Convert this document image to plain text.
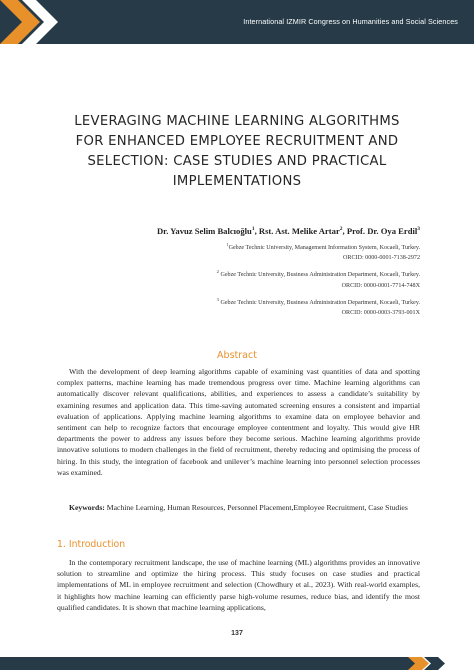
International IZMIR Congress on Humanities and Social Sciences
LEVERAGING MACHINE LEARNING ALGORITHMS
FOR ENHANCED EMPLOYEE RECRUITMENT AND
SELECTION: CASE STUDIES AND PRACTICAL
IMPLEMENTATIONS
Dr. Yavuz Selim Balcıoğlu$^1$, Rst. Ast. Melike Artar$^2$, Prof. Dr. Oya Erdil$^3$
$^1$Gebze Technic University, Management Information System, Kocaeli, Turkey.
ORCID: 0000-0001-7138-2972
$^2$ Gebze Technic University, Business Administration Department, Kocaeli, Turkey.
ORCID: 0000-0001-7714-748X
$^3$ Gebze Technic University, Business Administration Department, Kocaeli, Turkey.
ORCID: 0000-0003-3793-001X
Abstract
With the development of deep learning algorithms capable of examining vast quantities of data and spotting complex patterns, machine learning has made tremendous progress over time. Machine learning algorithms can automatically discover relevant qualifications, abilities, and experiences to assess a candidate’s suitability by examining resumes and application data. This time-saving automated screening ensures a consistent and impartial evaluation of applications. Applying machine learning algorithms to examine data on employee behavior and sentiment can help to recognize factors that encourage employee contentment and loyalty. This would give HR departments the power to address any issues before they become serious. Machine learning algorithms provide innovative solutions to modern challenges in the field of recruitment, thereby reducing and optimising the process of hiring. In this study, the integration of facebook and unilever’s machine learning into personnel selection processes was examined.
Keywords: Machine Learning, Human Resources, Personnel Placement,Employee Recruitment, Case Studies
1. Introduction
In the contemporary recruitment landscape, the use of machine learning (ML) algorithms provides an innovative solution to streamline and optimize the hiring process. This study focuses on case studies and practical implementations of ML in employee recruitment and selection (Chowdhury et al., 2023). With real-world examples, it highlights how machine learning can efficiently parse high-volume resumes, reduce bias, and identify the most qualified candidates. It is shown that machine learning applications,
137
